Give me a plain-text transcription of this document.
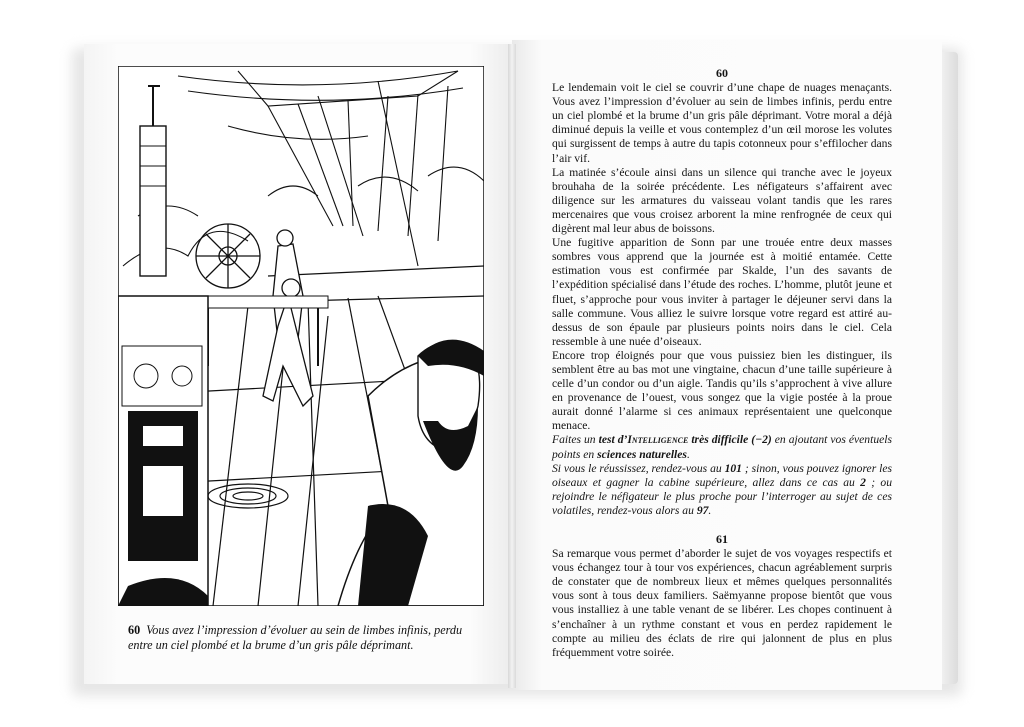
60 Vous avez l’impression d’évoluer au sein de limbes infinis, perdu entre un ciel plombé et la brume d’un gris pâle déprimant.
60

Le lendemain voit le ciel se couvrir d’une chape de nuages menaçants. Vous avez l’impression d’évoluer au sein de limbes infinis, perdu entre un ciel plombé et la brume d’un gris pâle déprimant. Votre moral a déjà diminué depuis la veille et vous contemplez d’un œil morose les volutes qui surgissent de temps à autre du tapis cotonneux pour s’effilocher dans l’air vif.

La matinée s’écoule ainsi dans un silence qui tranche avec le joyeux brouhaha de la soirée précédente. Les néfigateurs s’affairent avec diligence sur les armatures du vaisseau volant tandis que les rares mercenaires que vous croisez arborent la mine renfrognée de ceux qui digèrent mal leur abus de boissons.

Une fugitive apparition de Sonn par une trouée entre deux masses sombres vous apprend que la journée est à moitié entamée. Cette estimation vous est confirmée par Skalde, l’un des savants de l’expédition spécialisé dans l’étude des roches. L’homme, plutôt jeune et fluet, s’approche pour vous inviter à partager le déjeuner servi dans la salle commune. Vous alliez le suivre lorsque votre regard est attiré au-dessus de son épaule par plusieurs points noirs dans le ciel. Cela ressemble à une nuée d’oiseaux.

Encore trop éloignés pour que vous puissiez bien les distinguer, ils semblent être au bas mot une vingtaine, chacun d’une taille supérieure à celle d’un condor ou d’un aigle. Tandis qu’ils s’approchent à vive allure en provenance de l’ouest, vous songez que la vigie postée à la proue aurait donné l’alarme si ces animaux représentaient une quelconque menace.

Faites un test d’Intelligence très difficile (−2) en ajoutant vos éventuels points en sciences naturelles.

Si vous le réussissez, rendez-vous au 101 ; sinon, vous pouvez ignorer les oiseaux et gagner la cabine supérieure, allez dans ce cas au 2 ; ou rejoindre le néfigateur le plus proche pour l’interroger au sujet de ces volatiles, rendez-vous alors au 97.

61

Sa remarque vous permet d’aborder le sujet de vos voyages respectifs et vous échangez tour à tour vos expériences, chacun agréablement surpris de constater que de nombreux lieux et mêmes quelques personnalités vous sont à tous deux familiers. Saëmyanne propose bientôt que vous vous installiez à une table venant de se libérer. Les chopes continuent à s’enchaîner à un rythme constant et vous en perdez rapidement le compte au milieu des éclats de rire qui jalonnent de plus en plus fréquemment votre soirée.
